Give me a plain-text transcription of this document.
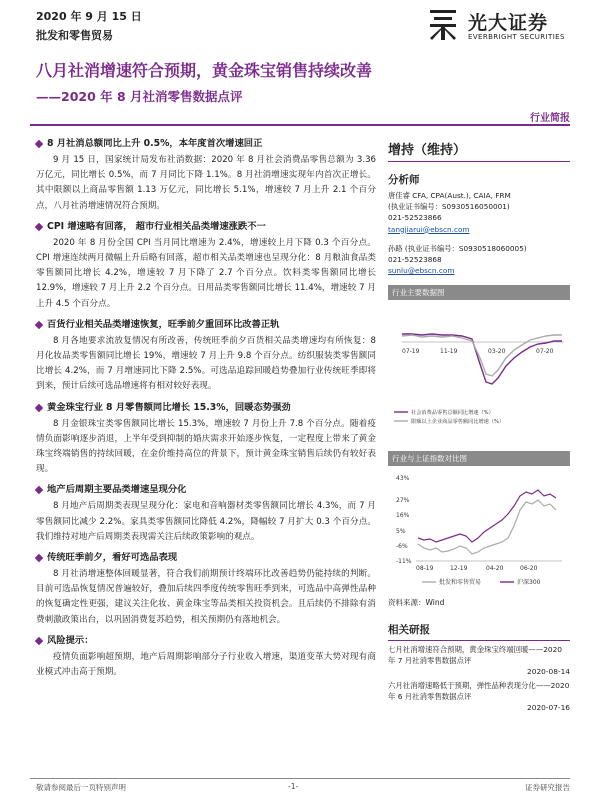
2020 年 9 月 15 日
批发和零售贸易
光大证券
EVERBRIGHT SECURITIES
八月社消增速符合预期，黄金珠宝销售持续改善
——2020 年 8 月社消零售数据点评
行业简报
8 月社消总额同比上升 0.5%，本年度首次增速回正

9 月 15 日，国家统计局发布社消数据：2020 年 8 月社会消费品零售总额为 3.36 万亿元，同比增长 0.5%，而 7 月同比下降 1.1%。8 月社消增速实现年内首次正增长。其中限额以上商品零售额 1.13 万亿元，同比增长 5.1%，增速较 7 月上升 2.1 个百分点，八月社消增速情况符合预期。

CPI 增速略有回落， 超市行业相关品类增速涨跌不一

2020 年 8 月份全国 CPI 当月同比增速为 2.4%，增速较上月下降 0.3 个百分点。CPI 增速连续两月微幅上升后略有回落，超市相关品类增速也呈现分化：8 月粮油食品类零售额同比增长 4.2%，增速较 7 月下降了 2.7 个百分点。饮料类零售额同比增长 12.9%，增速较 7 月上升 2.2 个百分点。日用品类零售额同比增长 11.4%，增速较 7 月上升 4.5 个百分点。

百货行业相关品类增速恢复，旺季前夕重回环比改善正轨

8 月各地要求流放复情况有所改善，传统旺季前夕百货相关品类增速均有所恢复：8 月化妆品类零售额同比增长 19%，增速较 7 月上升 9.8 个百分点。纺织服装类零售额同比增长 4.2%，而 7 月增速同比下降 2.5%。可选品追踪回暖趋势叠加行业传统旺季即将到来，预计后续可选品增速将有相对较好表现。

黄金珠宝行业 8 月零售额同比增长 15.3%，回暖态势强劲

8 月金银珠宝类零售额同比增长 15.3%，增速较 7 月份上升 7.8 个百分点。随着疫情负面影响逐步消退，上半年受到抑制的婚庆需求开始逐步恢复，一定程度上带来了黄金珠宝终端销售的持续回暖，在金价维持高位的背景下，预计黄金珠宝销售后续仍有较好表现。

地产后周期主要品类增速呈现分化

8 月地产后周期类表现呈现分化：家电和音响器材类零售额同比增长 4.3%，而 7 月零售额同比减少 2.2%。家具类零售额同比降低 4.2%，降幅较 7 月扩大 0.3 个百分点。我们维持对地产后周期类表现需关注后续政策影响的观点。

传统旺季前夕，看好可选品表现

8 月社消增速整体回暖显著，符合我们前期预计终端环比改善趋势仍能持续的判断。目前可选品恢复情况普遍较好，叠加后续四季度传统零售旺季到来，可选品中高弹性品种的恢复确定性更强，建议关注化妆、黄金珠宝等品类相关投资机会。且后续仍不排除有消费刺激政策出台，以巩固消费复苏趋势，相关预期仍有落地机会。

风险提示：

疫情负面影响超预期，地产后周期影响部分子行业收入增速，渠道变革大势对现有商业模式冲击高于预期。

增持（维持）
分析师
唐佳睿 CFA, CPA(Aust.), CAIA, FRM
(执业证书编号：S0930516050001)
021-52523866
tangjiarui@ebscn.com
孙路 (执业证书编号：S0930518060005)
021-52523868
sunlu@ebscn.com
行业主要数据图
07-19	11-19	03-20	07-20
社会消费品零售总额同比增速（%）
限额以上企业商品零售额同比增速（%）
行业与上证指数对比图
43%
27%
16%
5%
-6%
-11%
08-19	12-19	04-20	06-20
批发和零售贸易	沪深300
资料来源：Wind
相关研报
七月社消增速符合预期，黄金珠宝终端回暖——2020 年 7 月社消零售数据点评
2020-08-14
六月社消增速略低于预期，弹性品种表现分化——2020 年 6 月社消零售数据点评
2020-07-16
敬请参阅最后一页特别声明	-1-	证券研究报告
